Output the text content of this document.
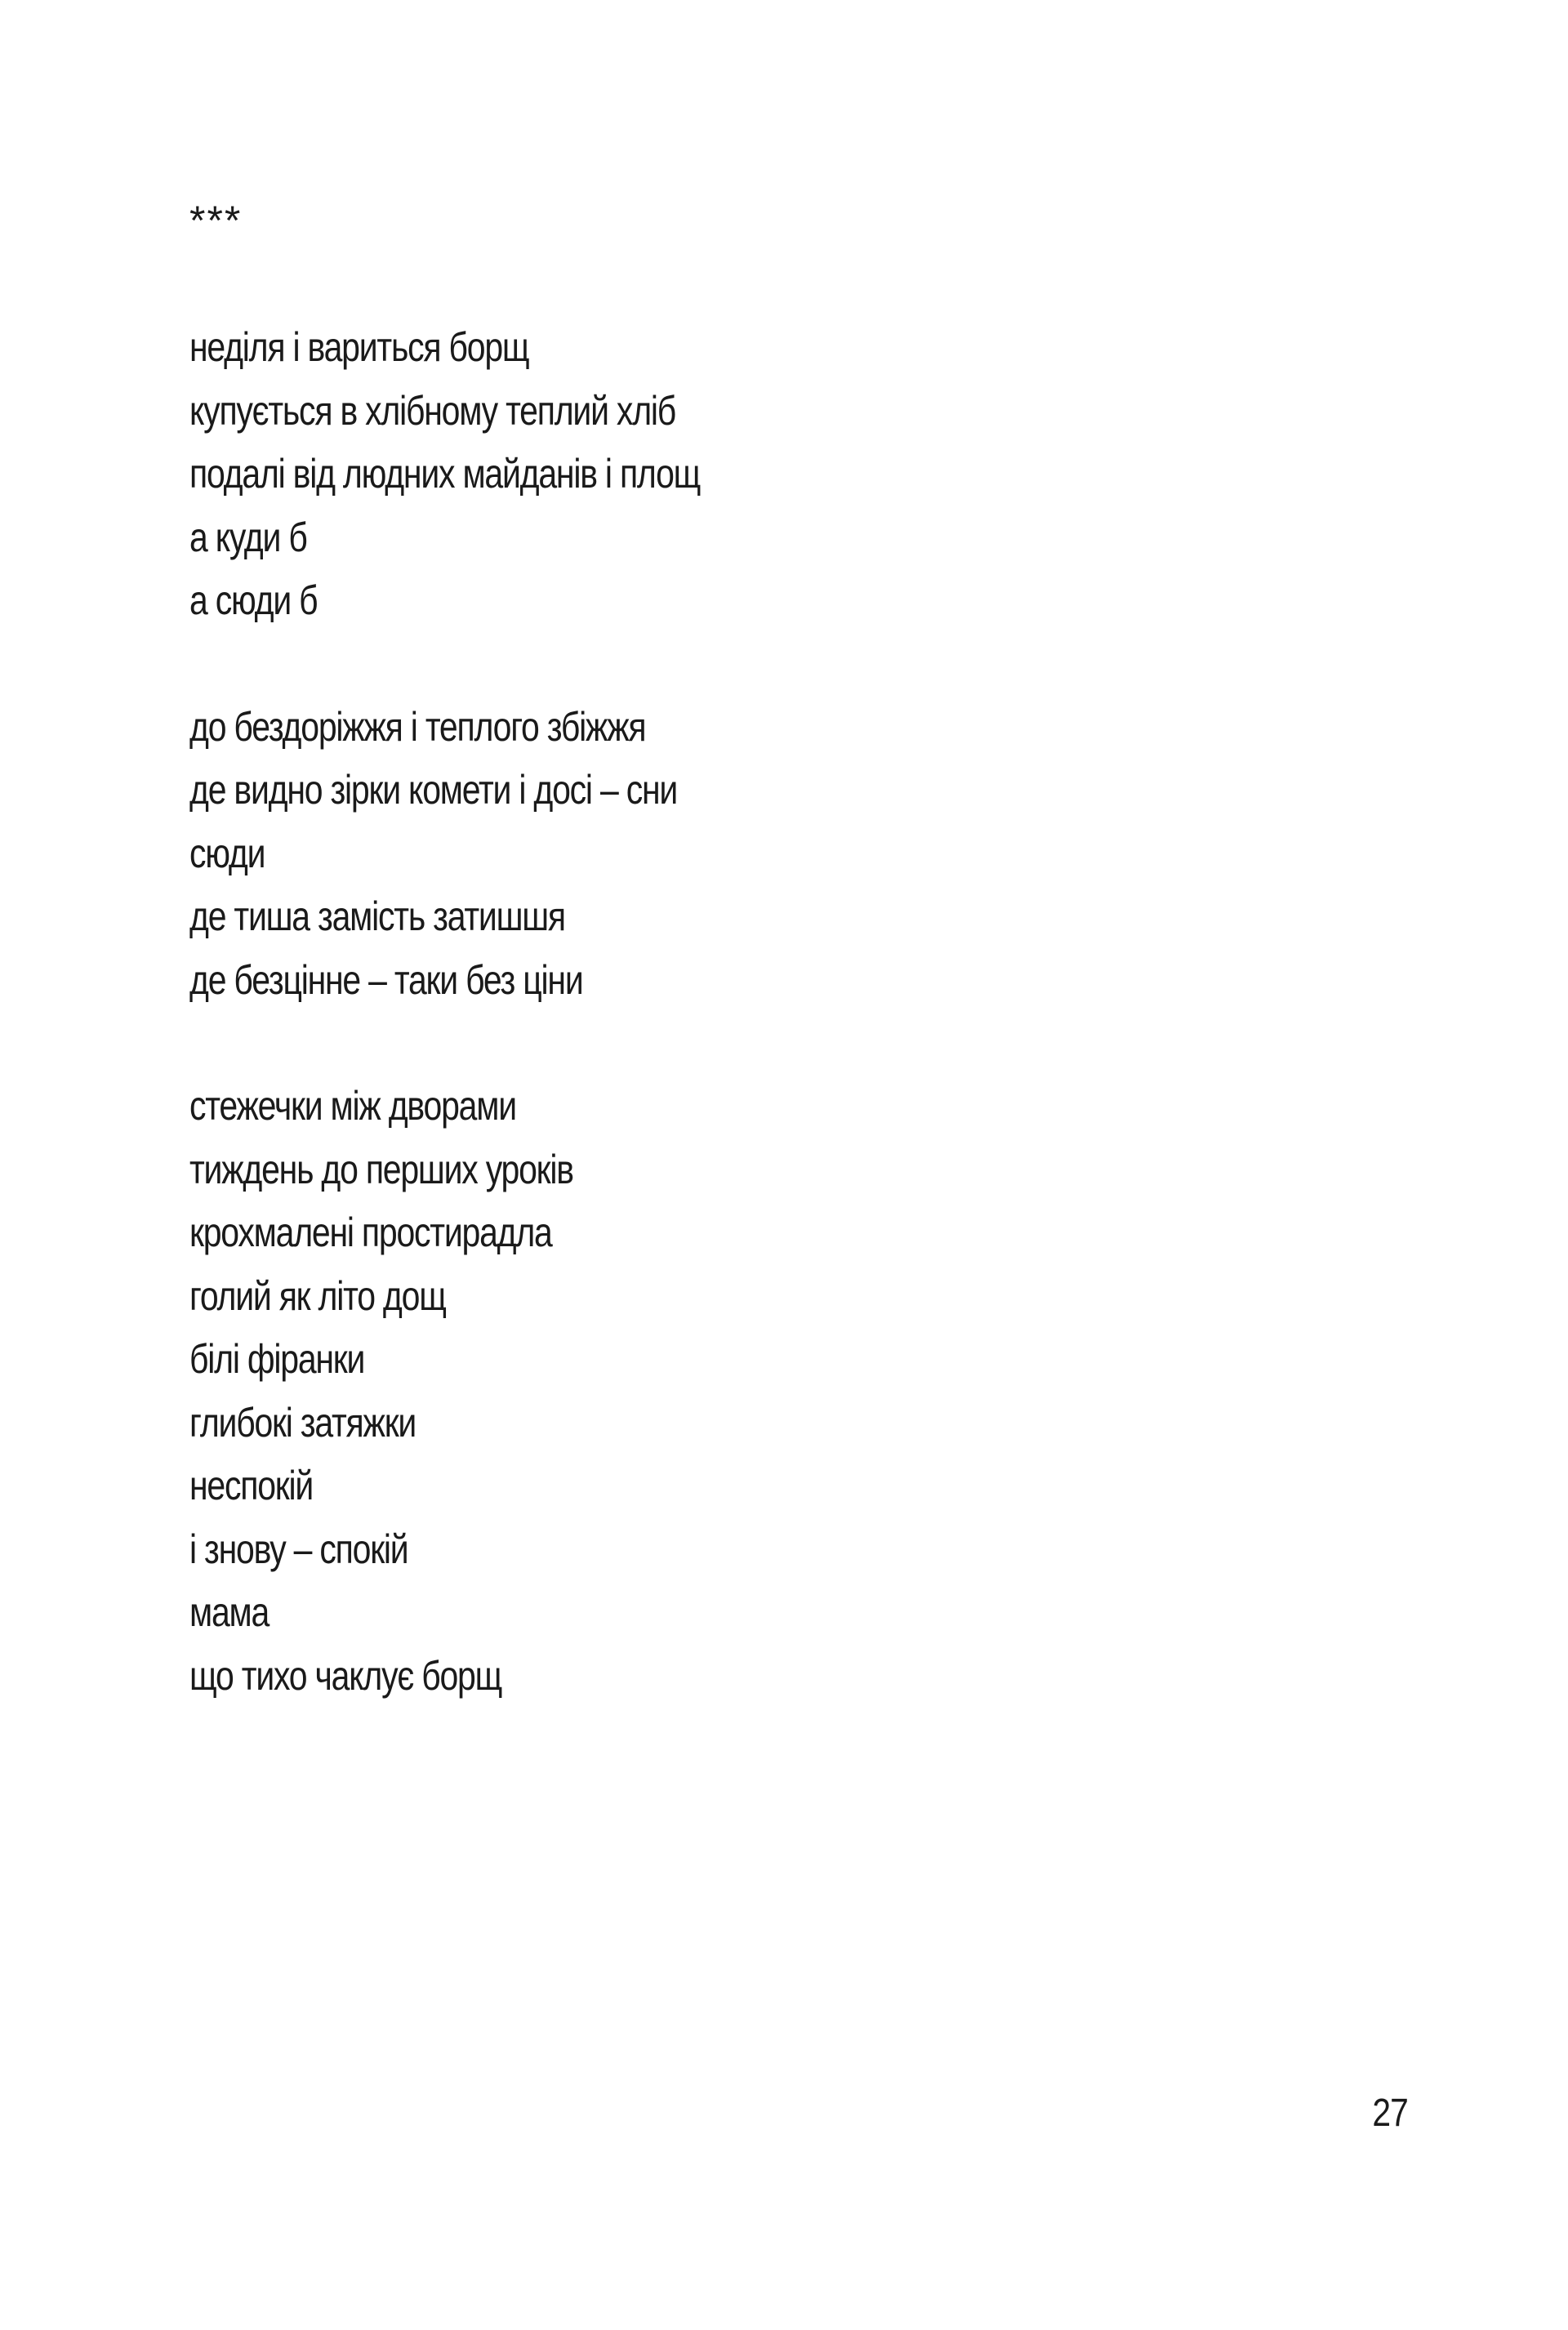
***

неділя і вариться борщ
купується в хлібному теплий хліб
подалі від людних майданів і площ
а куди б
а сюди б
до бездоріжжя і теплого збіжжя
де видно зірки комети і досі – сни
сюди
де тиша замість затишшя
де безцінне – таки без ціни
стежечки між дворами
тиждень до перших уроків
крохмалені простирадла
голий як літо дощ
білі фіранки
глибокі затяжки
неспокій
і знову – спокій
мама
що тихо чаклує борщ
27
